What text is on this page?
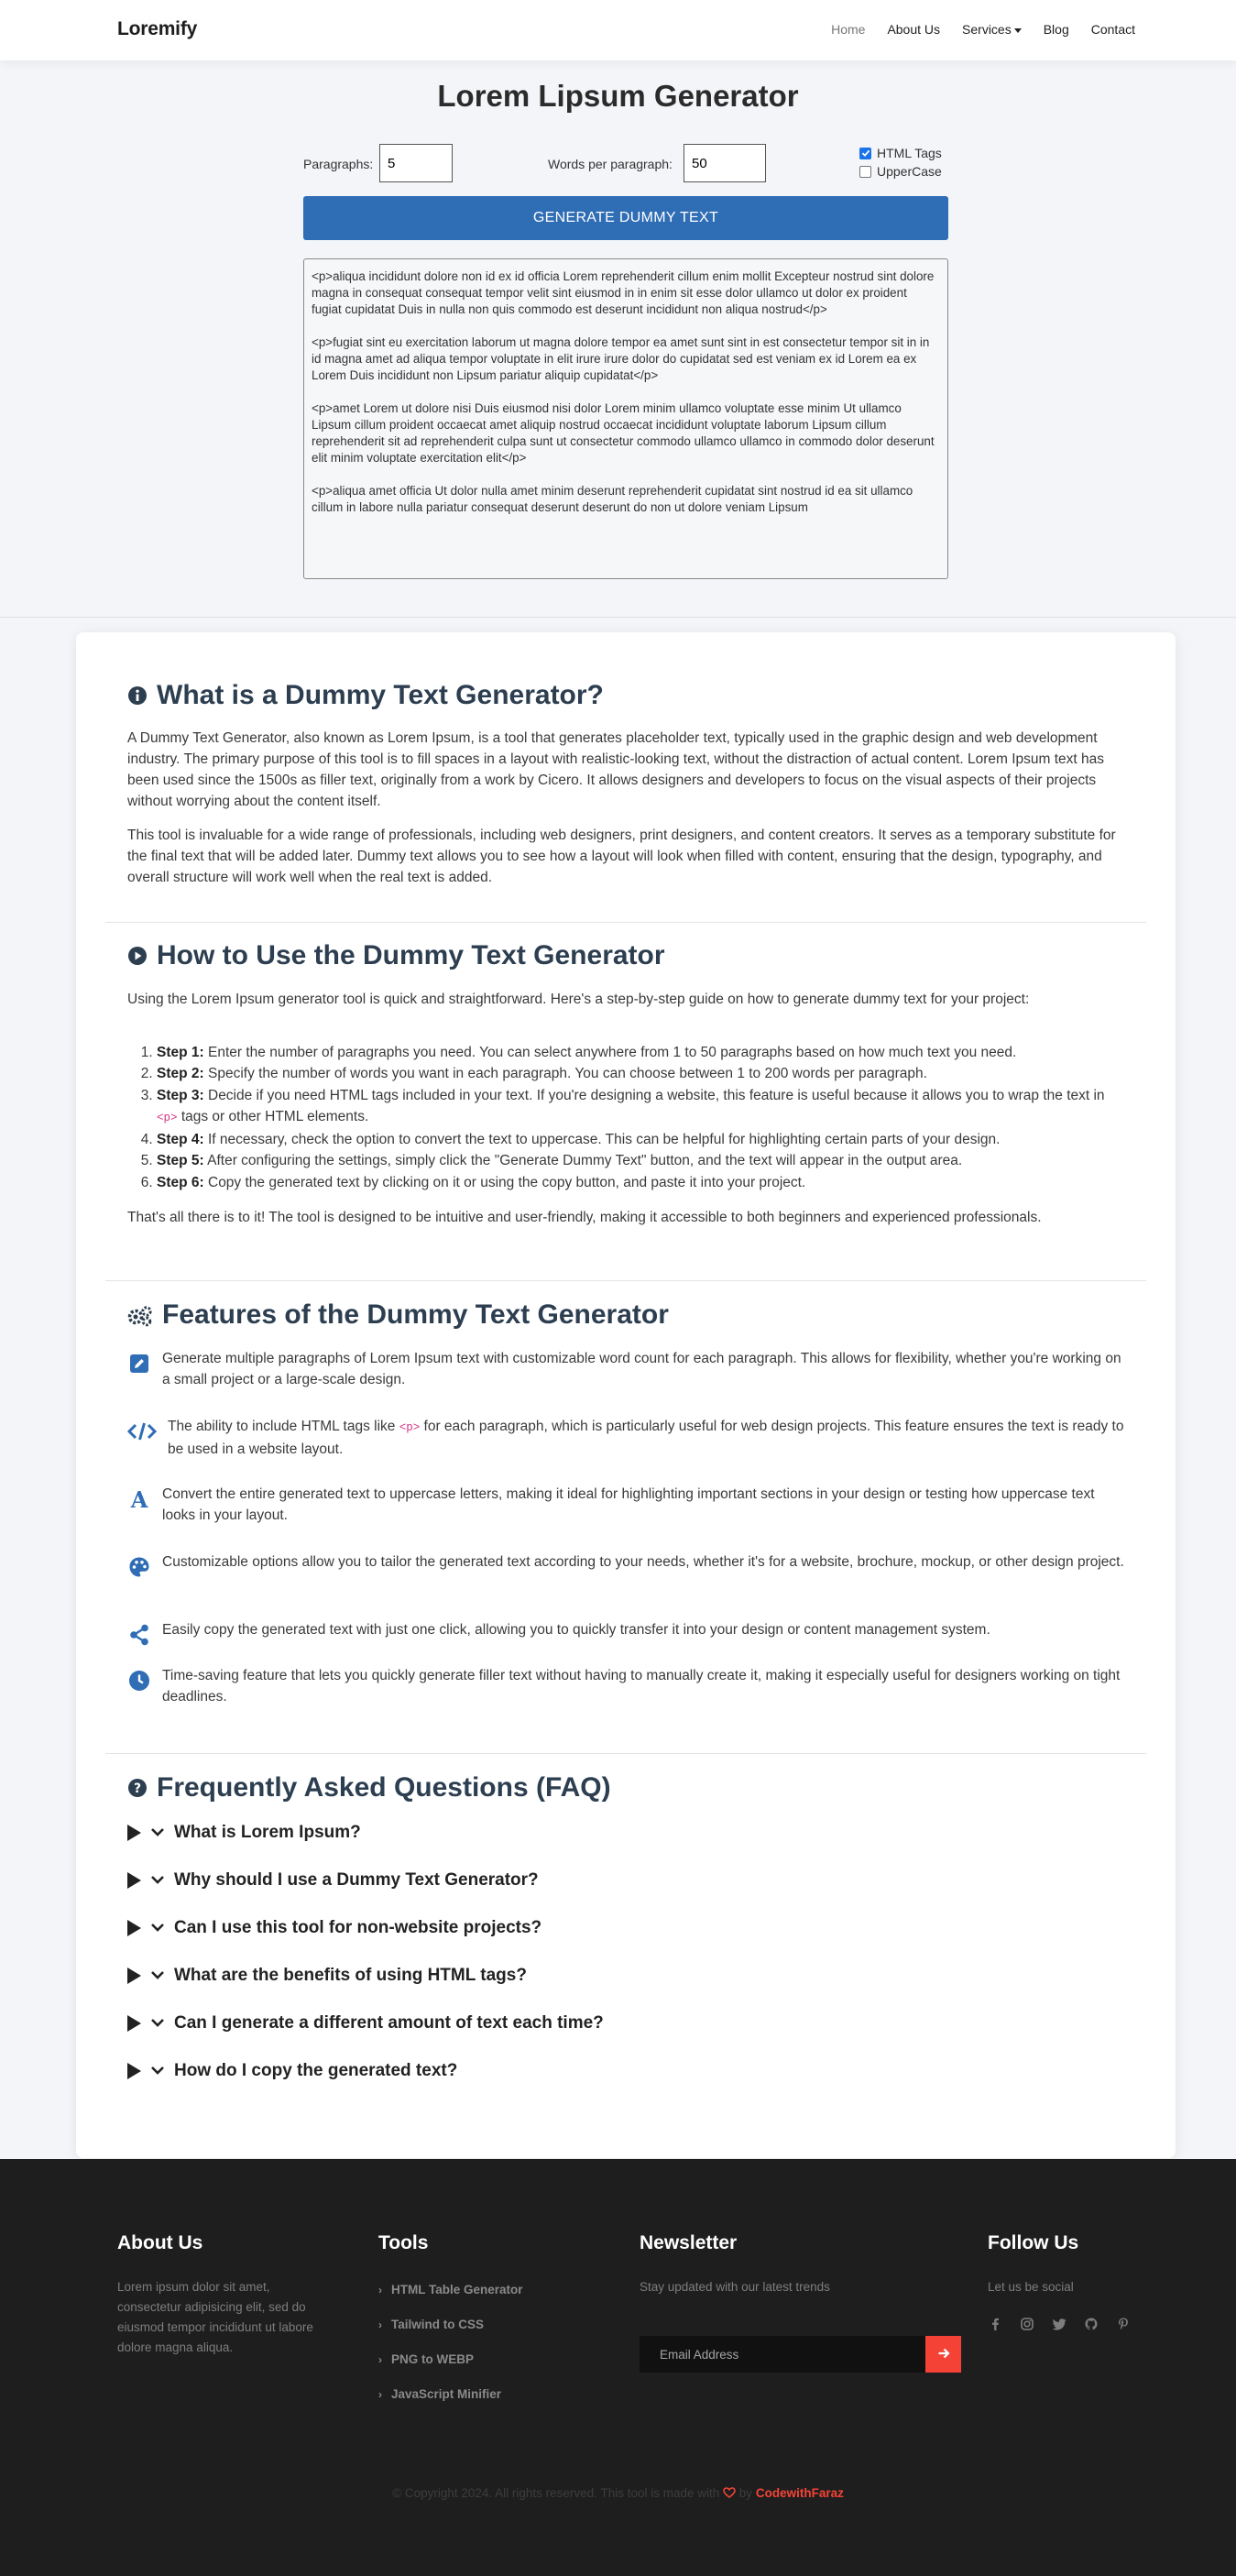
Loremify	Home About Us Services	Blog Contact
Lorem Lipsum Generator
Paragraphs:
5	Words per paragraph:
50
HTML Tags
UpperCase
GENERATE DUMMY TEXT

<p>aliqua incididunt dolore non id ex id officia Lorem reprehenderit cillum enim mollit Excepteur nostrud sint dolore magna in consequat consequat tempor velit sint eiusmod in in enim sit esse dolor ullamco ut dolor ex proident fugiat cupidatat Duis in nulla non quis commodo est deserunt incididunt non aliqua nostrud</p>

<p>fugiat sint eu exercitation laborum ut magna dolore tempor ea amet sunt sint in est consectetur tempor sit in in id magna amet ad aliqua tempor voluptate in elit irure irure dolor do cupidatat sed est veniam ex id Lorem ea ex Lorem Duis incididunt non Lipsum pariatur aliquip cupidatat</p>

<p>amet Lorem ut dolore nisi Duis eiusmod nisi dolor Lorem minim ullamco voluptate esse minim Ut ullamco Lipsum cillum proident occaecat amet aliquip nostrud occaecat incididunt voluptate laborum Lipsum cillum reprehenderit sit ad reprehenderit culpa sunt ut consectetur commodo ullamco ullamco in commodo dolor deserunt elit minim voluptate exercitation elit</p>

<p>aliqua amet officia Ut dolor nulla amet minim deserunt reprehenderit cupidatat sint nostrud id ea sit ullamco cillum in labore nulla pariatur consequat deserunt deserunt do non ut dolore veniam Lipsum

What is a Dummy Text Generator?
A Dummy Text Generator, also known as Lorem Ipsum, is a tool that generates placeholder text, typically used in the graphic design and web development industry. The primary purpose of this tool is to fill spaces in a layout with realistic-looking text, without the distraction of actual content. Lorem Ipsum text has been used since the 1500s as filler text, originally from a work by Cicero. It allows designers and developers to focus on the visual aspects of their projects without worrying about the content itself.
This tool is invaluable for a wide range of professionals, including web designers, print designers, and content creators. It serves as a temporary substitute for the final text that will be added later. Dummy text allows you to see how a layout will look when filled with content, ensuring that the design, typography, and overall structure will work well when the real text is added.
How to Use the Dummy Text Generator
Using the Lorem Ipsum generator tool is quick and straightforward. Here's a step-by-step guide on how to generate dummy text for your project:
1. Step 1: Enter the number of paragraphs you need. You can select anywhere from 1 to 50 paragraphs based on how much text you need.
2. Step 2: Specify the number of words you want in each paragraph. You can choose between 1 to 200 words per paragraph.
3. Step 3: Decide if you need HTML tags included in your text. If you're designing a website, this feature is useful because it allows you to wrap the text in <p> tags or other HTML elements.
4. Step 4: If necessary, check the option to convert the text to uppercase. This can be helpful for highlighting certain parts of your design.
5. Step 5: After configuring the settings, simply click the "Generate Dummy Text" button, and the text will appear in the output area.
6. Step 6: Copy the generated text by clicking on it or using the copy button, and paste it into your project.
That's all there is to it! The tool is designed to be intuitive and user-friendly, making it accessible to both beginners and experienced professionals.
Features of the Dummy Text Generator
Generate multiple paragraphs of Lorem Ipsum text with customizable word count for each paragraph. This allows for flexibility, whether you're working on a small project or a large-scale design.
The ability to include HTML tags like <p> for each paragraph, which is particularly useful for web design projects. This feature ensures the text is ready to be used in a website layout.
A Convert the entire generated text to uppercase letters, making it ideal for highlighting important sections in your design or testing how uppercase text looks in your layout.
Customizable options allow you to tailor the generated text according to your needs, whether it's for a website, brochure, mockup, or other design project.
Easily copy the generated text with just one click, allowing you to quickly transfer it into your design or content management system.
Time-saving feature that lets you quickly generate filler text without having to manually create it, making it especially useful for designers working on tight deadlines.
? Frequently Asked Questions (FAQ)
What is Lorem Ipsum?
Why should I use a Dummy Text Generator?
Can I use this tool for non-website projects?
What are the benefits of using HTML tags?
Can I generate a different amount of text each time?
How do I copy the generated text?
About Us
Lorem ipsum dolor sit amet, consectetur adipisicing elit, sed do eiusmod tempor incididunt ut labore dolore magna aliqua.
Tools	Newsletter
Stay updated with our latest trends
Follow Us
Let us be social
› HTML Table Generator
› Tailwind to CSS
› PNG to WEBP
› JavaScript Minifier
Email Address
© Copyright 2024. All rights reserved. This tool is made with by CodewithFaraz
